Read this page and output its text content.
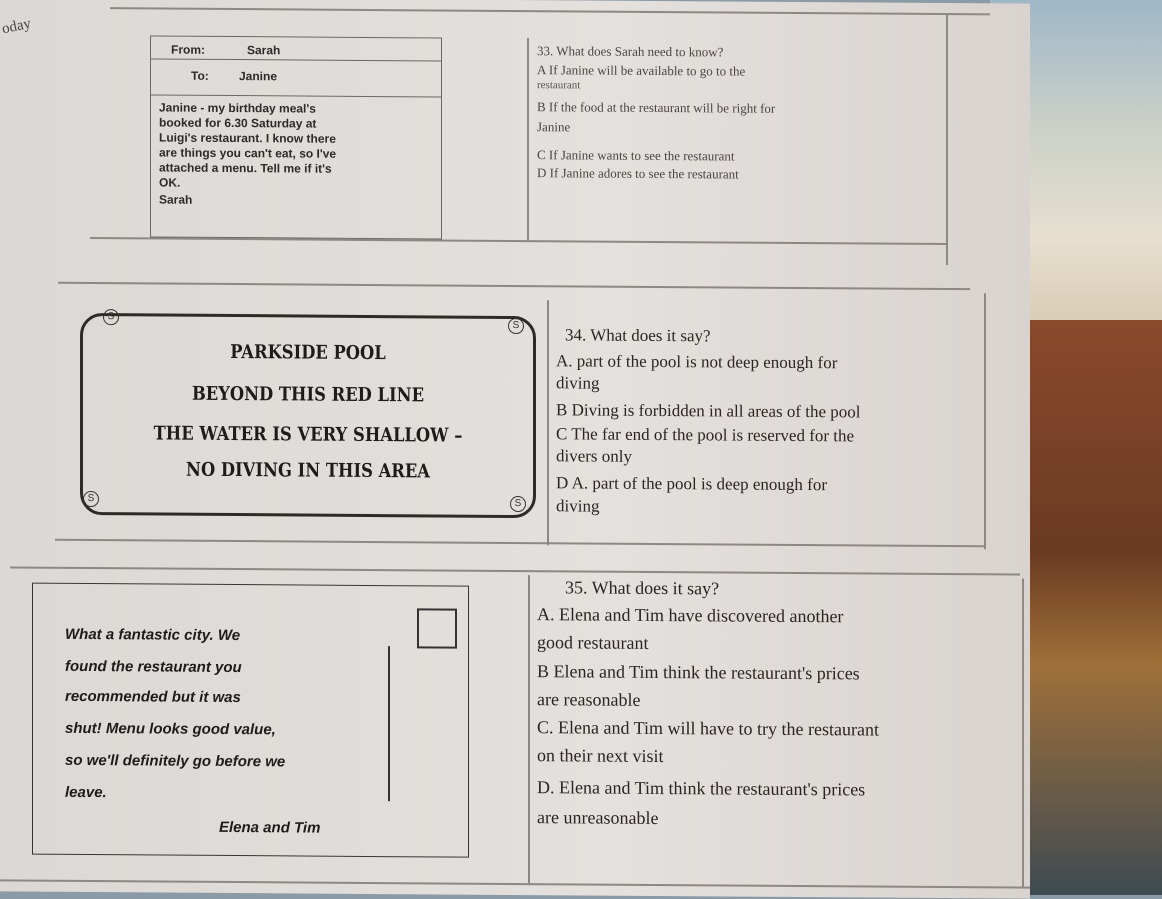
oday
From:	Sarah
To:	Janine
Janine - my birthday meal's
booked for 6.30 Saturday at
Luigi's restaurant. I know there
are things you can't eat, so I've
attached a menu. Tell me if it's
OK.
Sarah
33. What does Sarah need to know?
A If Janine will be available to go to the
restaurant
B If the food at the restaurant will be right for
Janine
C If Janine wants to see the restaurant
D If Janine adores to see the restaurant
PARKSIDE POOL
BEYOND THIS RED LINE
THE WATER IS VERY SHALLOW –
NO DIVING IN THIS AREA
S
S
S	S
34. What does it say?
A. part of the pool is not deep enough for
diving
B Diving is forbidden in all areas of the pool
C The far end of the pool is reserved for the
divers only
D A. part of the pool is deep enough for
diving
What a fantastic city. We
found the restaurant you
recommended but it was
shut! Menu looks good value,
so we'll definitely go before we
leave.
Elena and Tim
35. What does it say?
A. Elena and Tim have discovered another
good restaurant
B Elena and Tim think the restaurant's prices
are reasonable
C. Elena and Tim will have to try the restaurant
on their next visit
D. Elena and Tim think the restaurant's prices
are unreasonable
